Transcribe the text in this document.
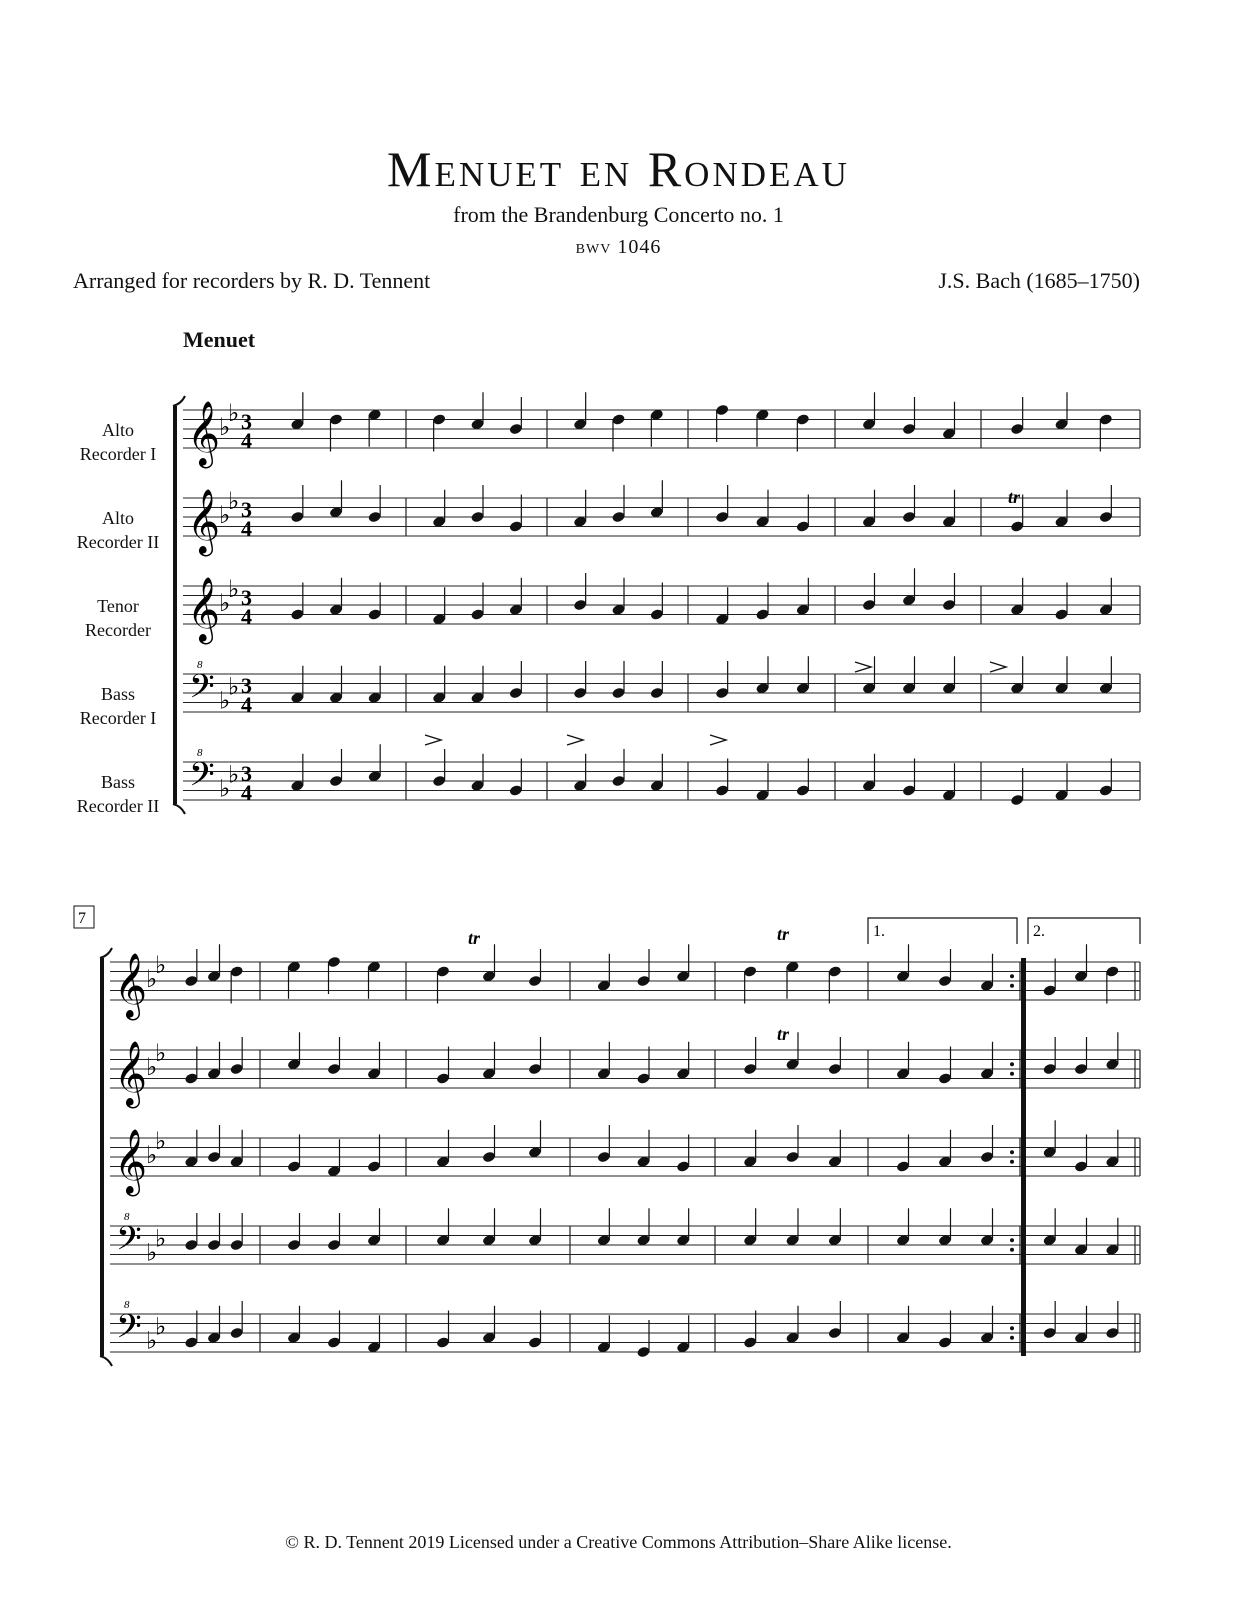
Menuet en Rondeau
from the Brandenburg Concerto no. 1
bwv 1046
Arranged for recorders by R. D. Tennent	J.S. Bach (1685–1750)
Menuet
Alto
Recorder I
Alto
Recorder II
Tenor
Recorder
Bass
Recorder I
Bass
Recorder II
𝄞
♭
♭ 3
4
𝄞
♭
♭ 3
4
𝄞
♭
♭ 3
4
𝄢
8
♭
♭ 3
4
𝄢
8
♭
♭ 3
4
tr
𝄞
♭
♭
𝄞
♭
♭
𝄞
♭
♭
𝄢
8
♭
♭
𝄢
8
♭
♭
7
1.	2.
tr	tr
tr
© R. D. Tennent 2019 Licensed under a Creative Commons Attribution–Share Alike license.
